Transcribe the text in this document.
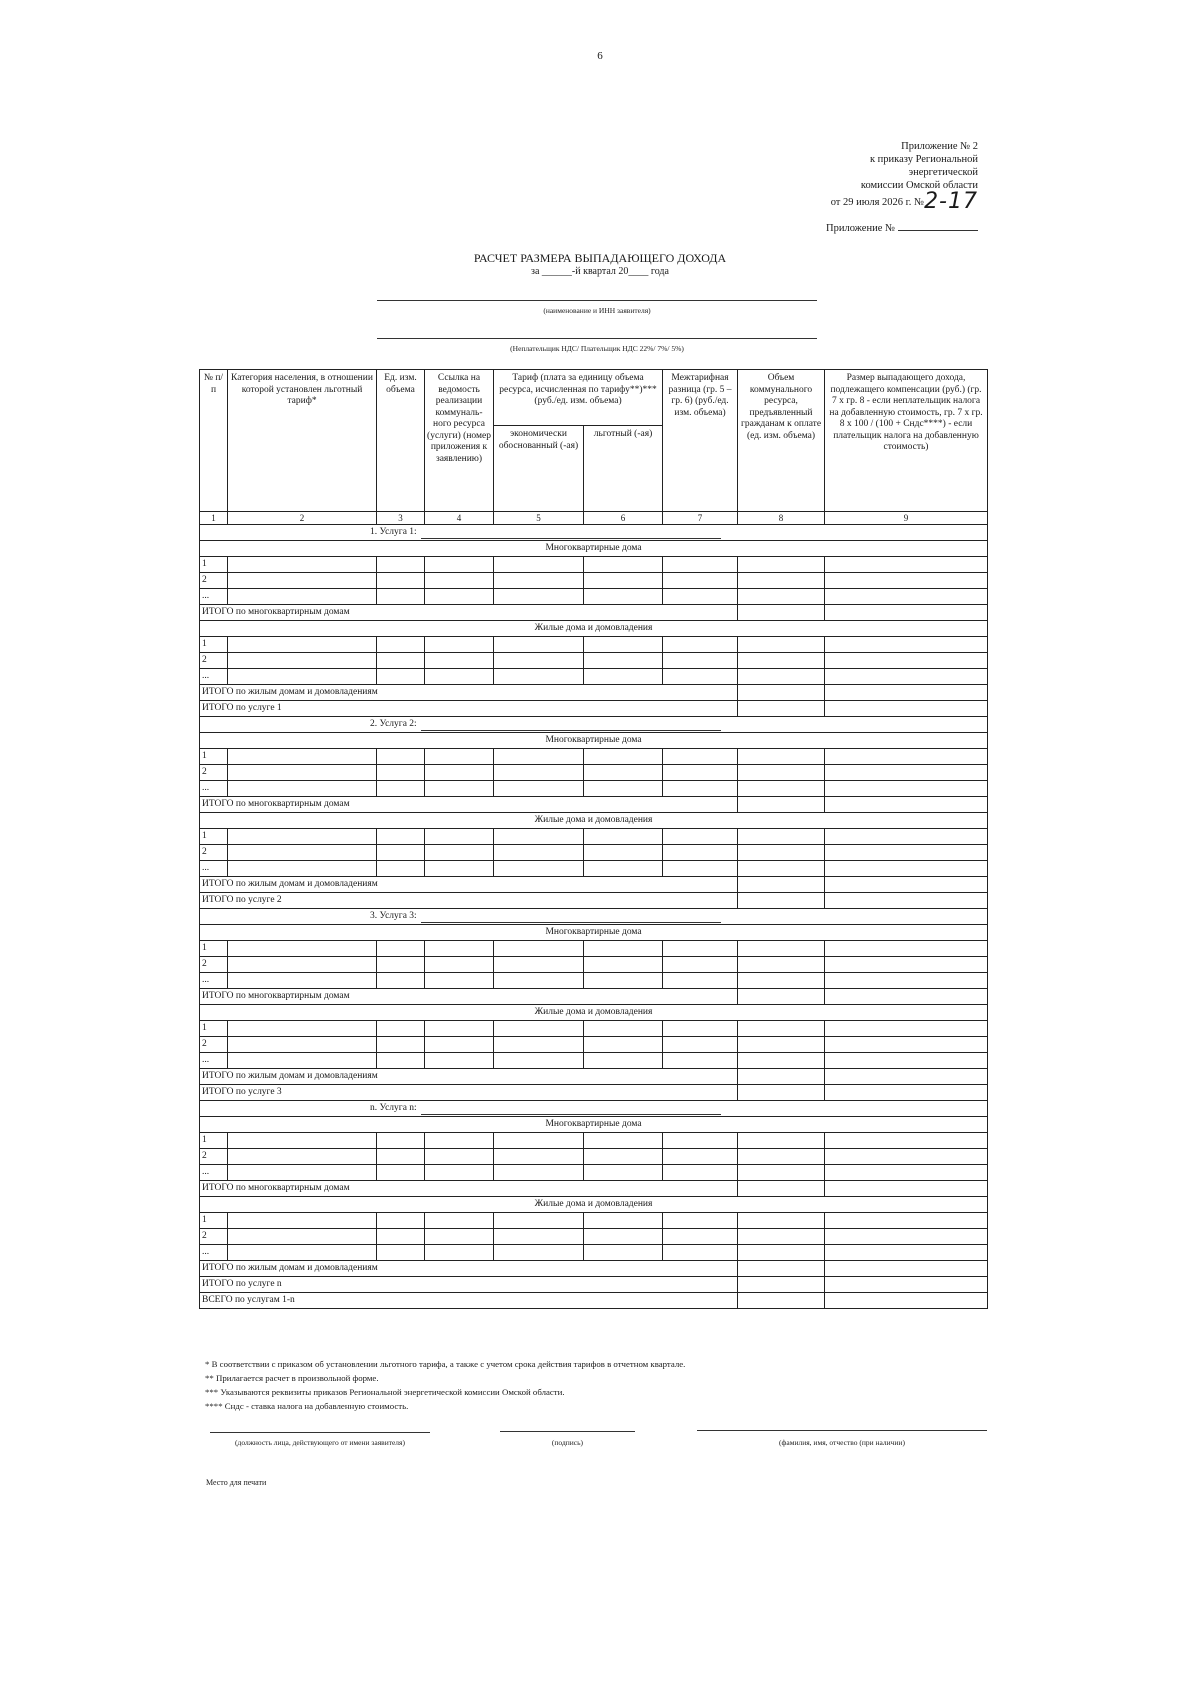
6
Приложение № 2
к приказу Региональной
энергетической
комиссии Омской области
от 29 июля 2026 г. №2-17
Приложение №
РАСЧЕТ РАЗМЕРА ВЫПАДАЮЩЕГО ДОХОДА
за ______-й квартал 20____ года
(наименование и ИНН заявителя)
(Неплательщик НДС/ Плательщик НДС 22%/ 7%/ 5%)
№ п/п	Категория населения, в отношении которой установлен льготный тариф*	Ед. изм. объема	Ссылка на ведомость реализации коммуналь-ного ресурса (услуги) (номер приложения к заявлению)	Тариф (плата за единицу объема ресурса, исчисленная по тарифу**)*** (руб./ед. изм. объема)		Межтарифная разница (гр. 5 – гр. 6) (руб./ед. изм. объема)	Объем коммунального ресурса, предъявленный гражданам к оплате (ед. изм. объема)	Размер выпадающего дохода, подлежащего компенсации (руб.) (гр. 7 х гр. 8 - если неплательщик налога на добавленную стоимость, гр. 7 х гр. 8 х 100 / (100 + Cндс****) - если плательщик налога на добавленную стоимость)
				экономически обоснованный (-ая)	льготный (-ая)			
1	2	3	4	5	6	7	8	9
1. Услуга 1:								
Многоквартирные дома								
1								
2								
...								
ИТОГО по многоквартирным домам								
Жилые дома и домовладения								
1								
2								
...								
ИТОГО по жилым домам и домовладениям								
ИТОГО по услуге 1								
2. Услуга 2:								
Многоквартирные дома								
1								
2								
...								
ИТОГО по многоквартирным домам								
Жилые дома и домовладения								
1								
2								
...								
ИТОГО по жилым домам и домовладениям								
ИТОГО по услуге 2								
3. Услуга 3:								
Многоквартирные дома								
1								
2								
...								
ИТОГО по многоквартирным домам								
Жилые дома и домовладения								
1								
2								
...								
ИТОГО по жилым домам и домовладениям								
ИТОГО по услуге 3								
n. Услуга n:								
Многоквартирные дома								
1								
2								
...								
ИТОГО по многоквартирным домам								
Жилые дома и домовладения								
1								
2								
...								
ИТОГО по жилым домам и домовладениям								
ИТОГО по услуге n								
ВСЕГО по услугам 1-n								
* В соответствии с приказом об установлении льготного тарифа, а также с учетом срока действия тарифов в отчетном квартале.
** Прилагается расчет в произвольной форме.
*** Указываются реквизиты приказов Региональной энергетической комиссии Омской области.
**** Cндс - ставка налога на добавленную стоимость.
(должность лица, действующего от имени заявителя)	(подпись)	(фамилия, имя, отчество (при наличии)
Место для печати
